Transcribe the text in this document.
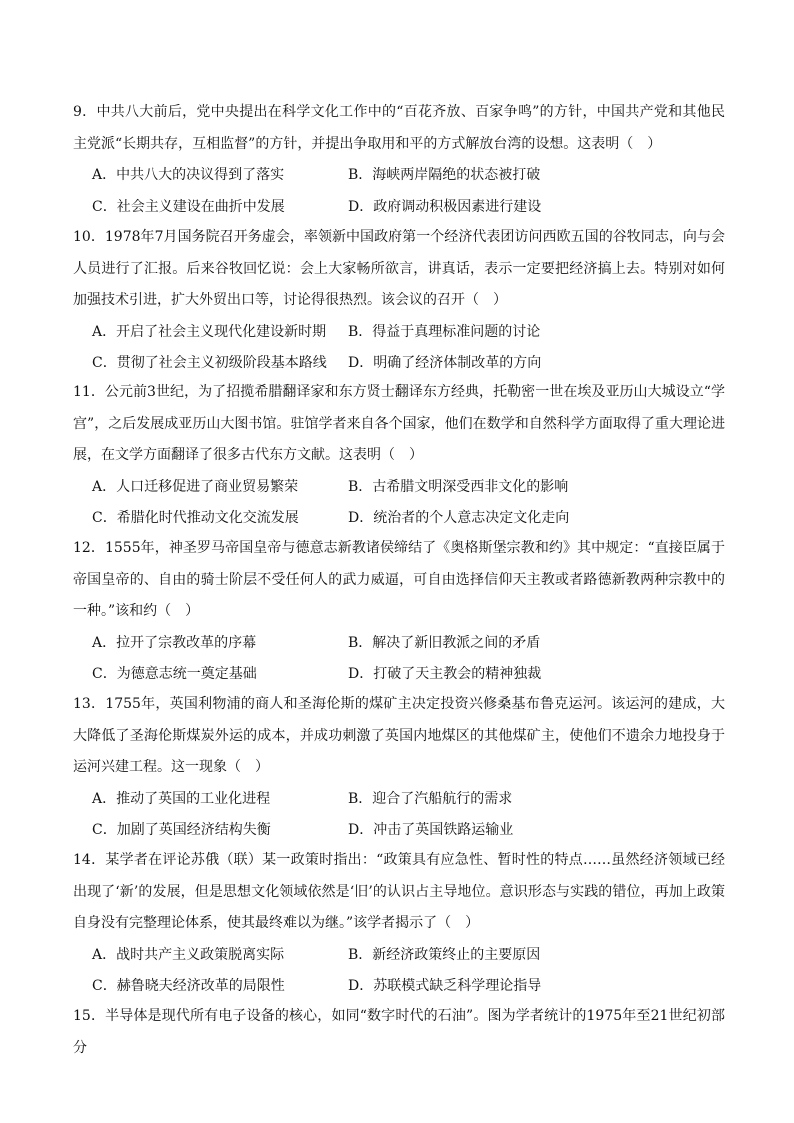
9．中共八大前后，党中央提出在科学文化工作中的“百花齐放、百家争鸣”的方针，中国共产党和其他民主党派“长期共存，互相监督”的方针，并提出争取用和平的方式解放台湾的设想。这表明（　）

A．中共八大的决议得到了落实	B．海峡两岸隔绝的状态被打破
C．社会主义建设在曲折中发展	D．政府调动积极因素进行建设

10．1978年7月国务院召开务虚会，率领新中国政府第一个经济代表团访问西欧五国的谷牧同志，向与会人员进行了汇报。后来谷牧回忆说：会上大家畅所欲言，讲真话，表示一定要把经济搞上去。特别对如何加强技术引进，扩大外贸出口等，讨论得很热烈。该会议的召开（　）

A．开启了社会主义现代化建设新时期 B．得益于真理标准问题的讨论
C．贯彻了社会主义初级阶段基本路线 D．明确了经济体制改革的方向

11．公元前3世纪，为了招揽希腊翻译家和东方贤士翻译东方经典，托勒密一世在埃及亚历山大城设立“学宫”，之后发展成亚历山大图书馆。驻馆学者来自各个国家，他们在数学和自然科学方面取得了重大理论进展，在文学方面翻译了很多古代东方文献。这表明（　）

A．人口迁移促进了商业贸易繁荣	B．古希腊文明深受西非文化的影响
C．希腊化时代推动文化交流发展	D．统治者的个人意志决定文化走向

12．1555年，神圣罗马帝国皇帝与德意志新教诸侯缔结了《奥格斯堡宗教和约》其中规定：“直接臣属于帝国皇帝的、自由的骑士阶层不受任何人的武力威逼，可自由选择信仰天主教或者路德新教两种宗教中的一种。”该和约（　）

A．拉开了宗教改革的序幕	B．解决了新旧教派之间的矛盾
C．为德意志统一奠定基础	D．打破了天主教会的精神独裁

13．1755年，英国利物浦的商人和圣海伦斯的煤矿主决定投资兴修桑基布鲁克运河。该运河的建成，大大降低了圣海伦斯煤炭外运的成本，并成功刺激了英国内地煤区的其他煤矿主，使他们不遗余力地投身于运河兴建工程。这一现象（　）

A．推动了英国的工业化进程	B．迎合了汽船航行的需求
C．加剧了英国经济结构失衡	D．冲击了英国铁路运输业

14．某学者在评论苏俄（联）某一政策时指出：“政策具有应急性、暂时性的特点……虽然经济领域已经出现了‘新’的发展，但是思想文化领域依然是‘旧’的认识占主导地位。意识形态与实践的错位，再加上政策自身没有完整理论体系，使其最终难以为继。”该学者揭示了（　）

A．战时共产主义政策脱离实际	B．新经济政策终止的主要原因
C．赫鲁晓夫经济改革的局限性	D．苏联模式缺乏科学理论指导

15．半导体是现代所有电子设备的核心，如同“数字时代的石油”。图为学者统计的1975年至21世纪初部分
